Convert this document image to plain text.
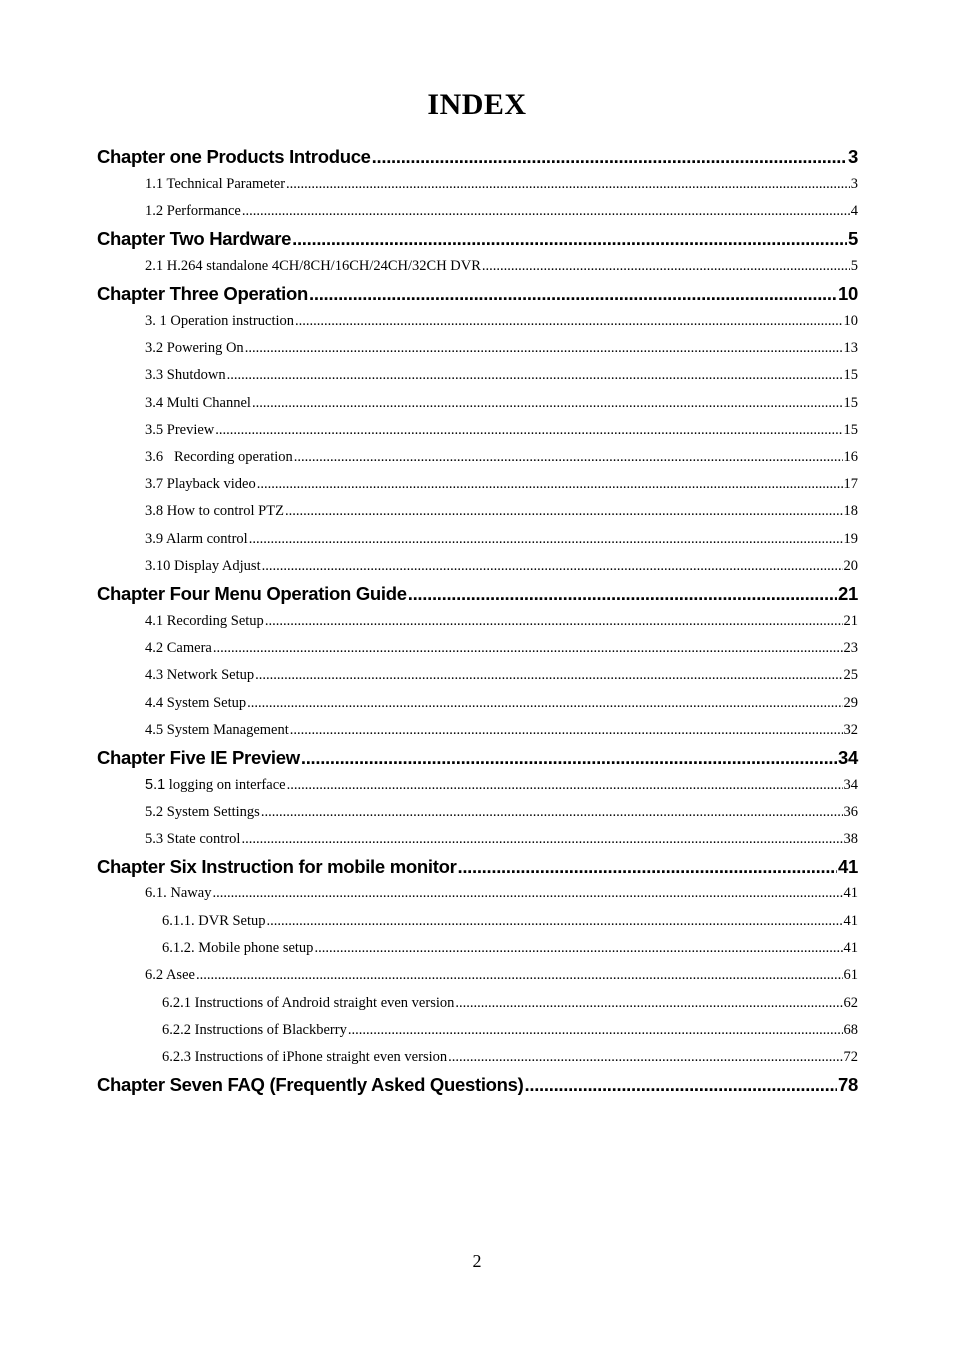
INDEX
Chapter one Products Introduce .....	3
1.1 Technical Parameter .....	3
1.2 Performance .....	4
Chapter Two Hardware .....	5
2.1 H.264 standalone 4CH/8CH/16CH/24CH/32CH DVR .....	5
Chapter Three Operation .....	10
3. 1 Operation instruction .....	10
3.2 Powering On .....	13
3.3 Shutdown .....	15
3.4 Multi Channel .....	15
3.5 Preview .....	15
3.6   Recording operation .....	16
3.7 Playback video .....	17
3.8 How to control PTZ .....	18
3.9 Alarm control .....	19
3.10 Display Adjust .....	20
Chapter Four Menu Operation Guide .....	21
4.1 Recording Setup .....	21
4.2 Camera .....	23
4.3 Network Setup .....	25
4.4 System Setup .....	29
4.5 System Management .....	32
Chapter Five IE Preview .....	34
5.1 logging on interface .....	34
5.2 System Settings .....	36
5.3 State control .....	38
Chapter Six Instruction for mobile monitor .....	41
6.1. Naway .....	41
6.1.1. DVR Setup .....	41
6.1.2. Mobile phone setup .....	41
6.2 Asee .....	61
6.2.1 Instructions of Android straight even version .....	62
6.2.2 Instructions of Blackberry .....	68
6.2.3 Instructions of iPhone straight even version .....	72
Chapter Seven FAQ (Frequently Asked Questions) .....	78
2
